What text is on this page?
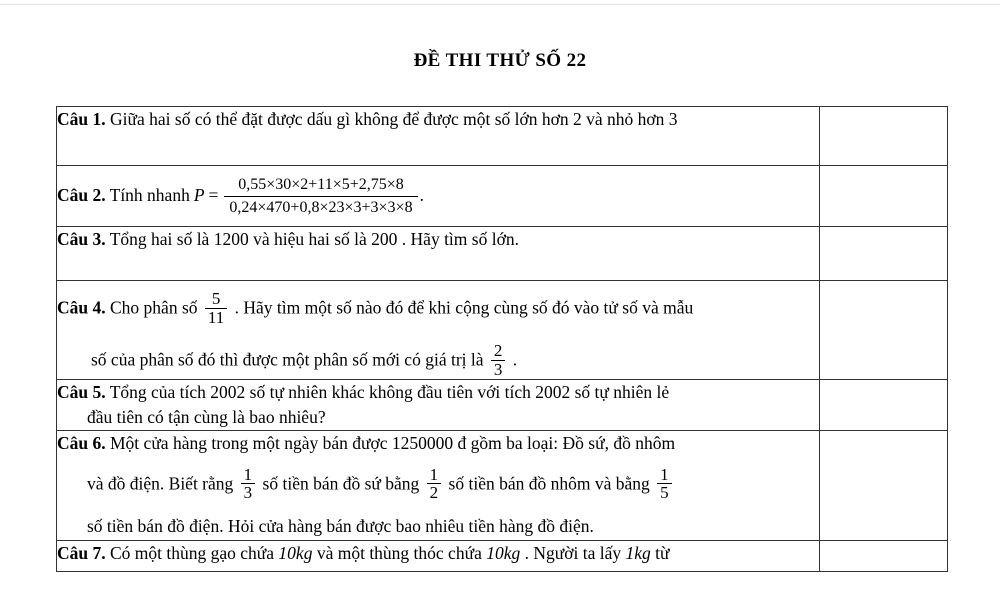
ĐỀ THI THỬ SỐ 22
Câu 1. Giữa hai số có thể đặt được dấu gì không để được một số lớn hơn 2 và nhỏ hơn 3	

Câu 2. Tính nhanh $P = \frac{0,55\times 30\times 2+11\times 5+2,75\times 8}{0,24\times 470+0,8\times 23\times 3+3\times 3\times 8}$ .

Câu 3. Tổng hai số là 1200 và hiệu hai số là 200 . Hãy tìm số lớn.	

Câu 4. Cho phân số $\frac{5}{11}$ . Hãy tìm một số nào đó để khi cộng cùng số đó vào tử số và mẫu
số của phân số đó thì được một phân số mới có giá trị là $\frac{2}{3}$ .

Câu 5. Tổng của tích 2002 số tự nhiên khác không đầu tiên với tích 2002 số tự nhiên lẻ
đầu tiên có tận cùng là bao nhiêu?	

Câu 6. Một cửa hàng trong một ngày bán được 1250000 đ gồm ba loại: Đồ sứ, đồ nhôm
và đồ điện. Biết rằng $\frac{1}{3}$ số tiền bán đồ sứ bằng $\frac{1}{2}$ số tiền bán đồ nhôm và bằng $\frac{1}{5}$
số tiền bán đồ điện. Hỏi cửa hàng bán được bao nhiêu tiền hàng đồ điện.

Câu 7. Có một thùng gạo chứa 10kg và một thùng thóc chứa 10kg . Người ta lấy 1kg từ	
